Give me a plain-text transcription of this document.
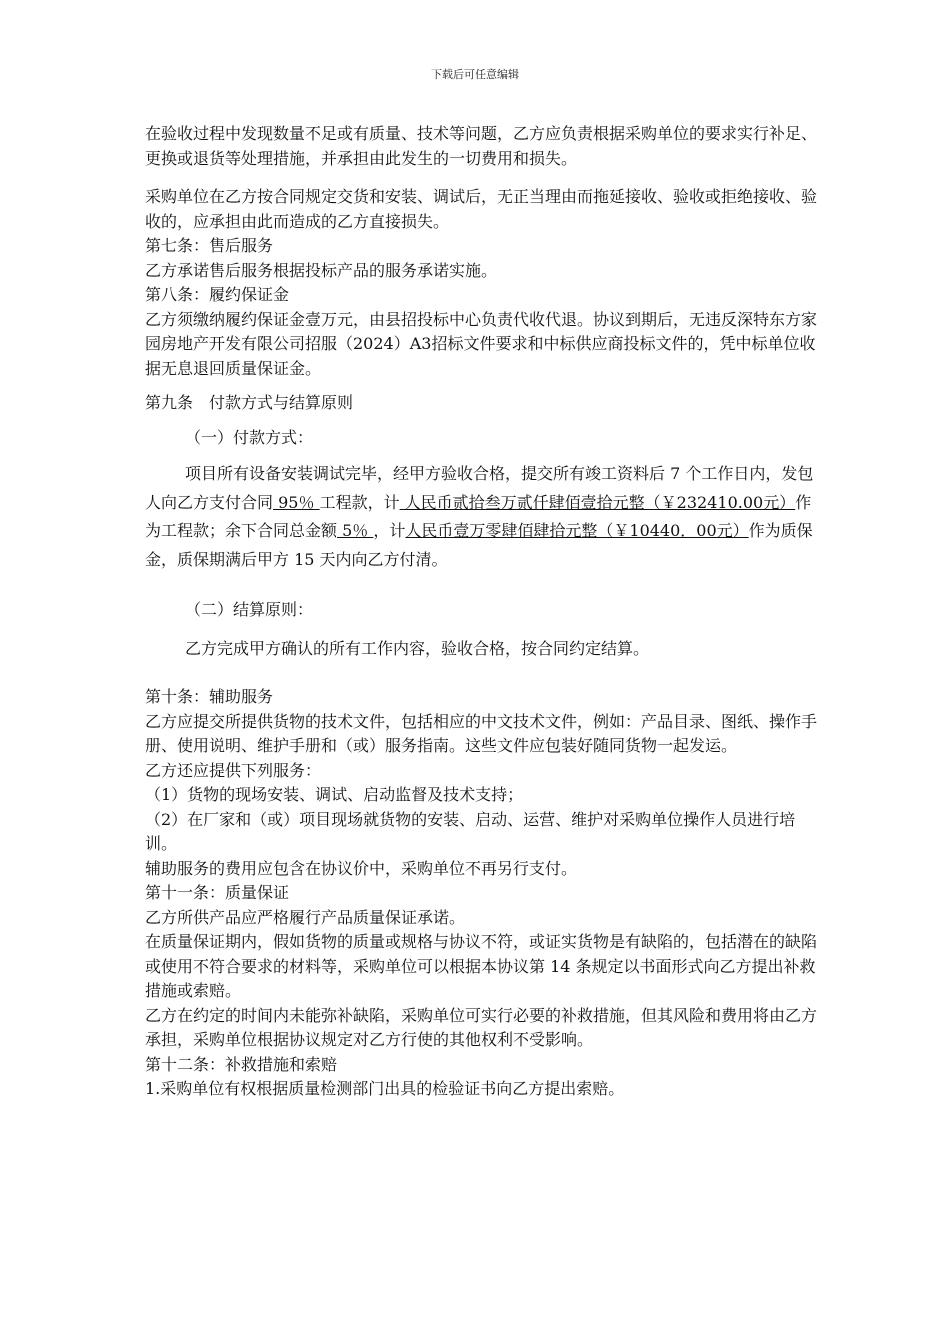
下载后可任意编辑

在验收过程中发现数量不足或有质量、技术等问题，乙方应负责根据采购单位的要求实行补足、更换或退货等处理措施，并承担由此发生的一切费用和损失。

采购单位在乙方按合同规定交货和安装、调试后，无正当理由而拖延接收、验收或拒绝接收、验收的，应承担由此而造成的乙方直接损失。

第七条：售后服务

乙方承诺售后服务根据投标产品的服务承诺实施。

第八条：履约保证金

乙方须缴纳履约保证金壹万元，由县招投标中心负责代收代退。协议到期后，无违反深特东方家园房地产开发有限公司招服（2024）A3招标文件要求和中标供应商投标文件的，凭中标单位收据无息退回质量保证金。

第九条　付款方式与结算原则

（一）付款方式：

项目所有设备安装调试完毕，经甲方验收合格，提交所有竣工资料后 7 个工作日内，发包人向乙方支付合同 95％ 工程款，计 人民币贰拾叁万贰仟肆佰壹拾元整（￥232410.00元）作为工程款；余下合同总金额 5％ ，计人民币壹万零肆佰肆拾元整（￥10440．00元）作为质保金，质保期满后甲方 15 天内向乙方付清。

（二）结算原则：

乙方完成甲方确认的所有工作内容，验收合格，按合同约定结算。

第十条：辅助服务

乙方应提交所提供货物的技术文件，包括相应的中文技术文件，例如：产品目录、图纸、操作手册、使用说明、维护手册和（或）服务指南。这些文件应包装好随同货物一起发运。

乙方还应提供下列服务：

（1）货物的现场安装、调试、启动监督及技术支持；

（2）在厂家和（或）项目现场就货物的安装、启动、运营、维护对采购单位操作人员进行培训。

辅助服务的费用应包含在协议价中，采购单位不再另行支付。

第十一条：质量保证

乙方所供产品应严格履行产品质量保证承诺。

在质量保证期内，假如货物的质量或规格与协议不符，或证实货物是有缺陷的，包括潜在的缺陷或使用不符合要求的材料等，采购单位可以根据本协议第 14 条规定以书面形式向乙方提出补救措施或索赔。

乙方在约定的时间内未能弥补缺陷，采购单位可实行必要的补救措施，但其风险和费用将由乙方承担，采购单位根据协议规定对乙方行使的其他权利不受影响。

第十二条：补救措施和索赔

1.采购单位有权根据质量检测部门出具的检验证书向乙方提出索赔。
